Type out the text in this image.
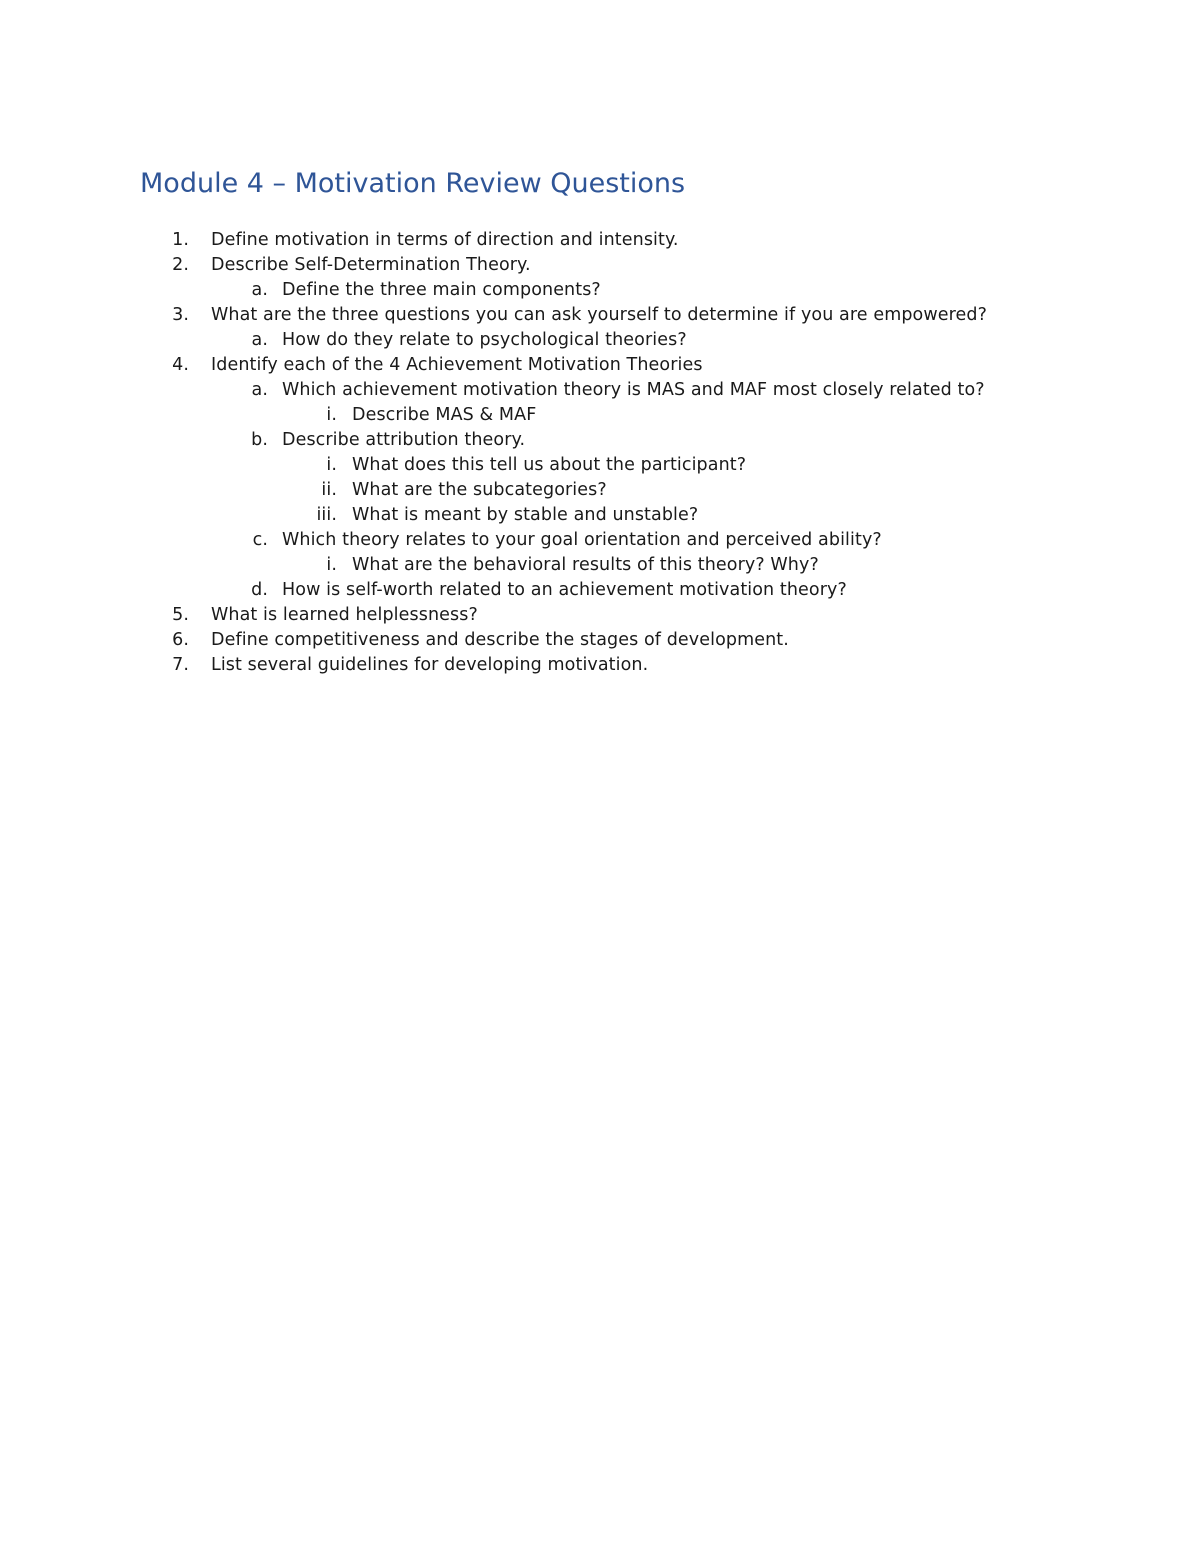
Module 4 – Motivation Review Questions
1. Define motivation in terms of direction and intensity.
2. Describe Self-Determination Theory.
a. Define the three main components?
3. What are the three questions you can ask yourself to determine if you are empowered?
a. How do they relate to psychological theories?
4. Identify each of the 4 Achievement Motivation Theories
a. Which achievement motivation theory is MAS and MAF most closely related to?
i. Describe MAS & MAF
b. Describe attribution theory.
i. What does this tell us about the participant?
ii. What are the subcategories?
iii. What is meant by stable and unstable?
c. Which theory relates to your goal orientation and perceived ability?
i. What are the behavioral results of this theory? Why?
d. How is self-worth related to an achievement motivation theory?
5. What is learned helplessness?
6. Define competitiveness and describe the stages of development.
7. List several guidelines for developing motivation.
